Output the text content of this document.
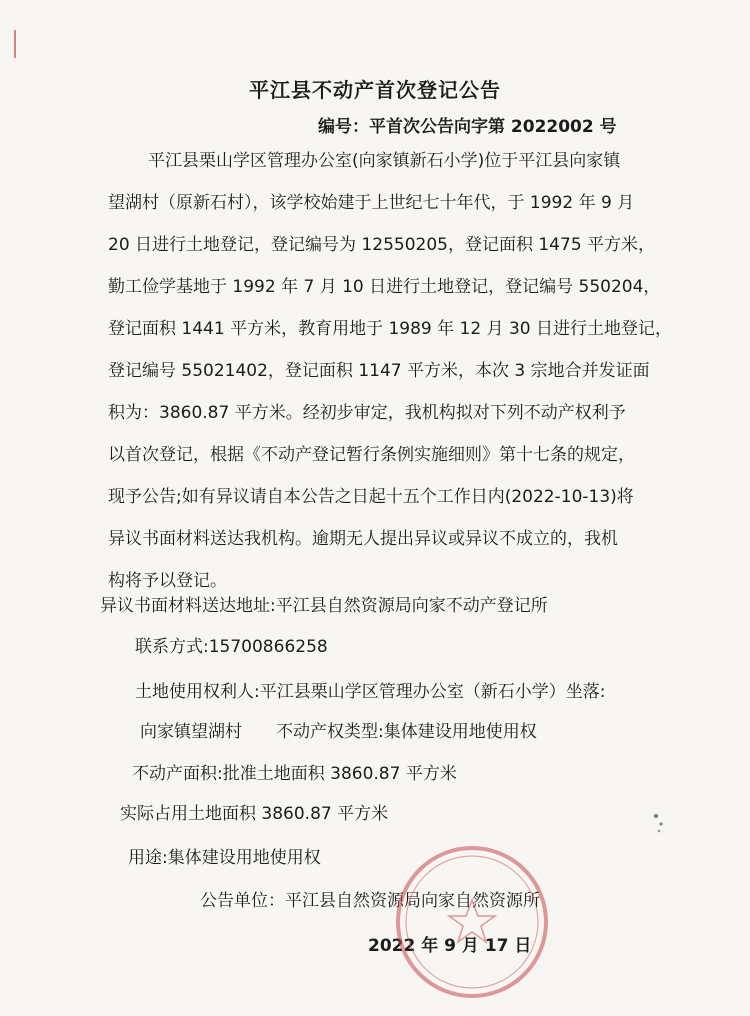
平江县不动产首次登记公告
编号：平首次公告向字第 2022002 号
平江县栗山学区管理办公室(向家镇新石小学)位于平江县向家镇
望湖村（原新石村），该学校始建于上世纪七十年代，于 1992 年 9 月
20 日进行土地登记，登记编号为 12550205，登记面积 1475 平方米，
勤工俭学基地于 1992 年 7 月 10 日进行土地登记，登记编号 550204，
登记面积 1441 平方米，教育用地于 1989 年 12 月 30 日进行土地登记，
登记编号 55021402，登记面积 1147 平方米，本次 3 宗地合并发证面
积为：3860.87 平方米。经初步审定，我机构拟对下列不动产权利予
以首次登记，根据《不动产登记暂行条例实施细则》第十七条的规定，
现予公告;如有异议请自本公告之日起十五个工作日内(2022-10-13)将
异议书面材料送达我机构。逾期无人提出异议或异议不成立的，我机
构将予以登记。
异议书面材料送达地址:平江县自然资源局向家不动产登记所
联系方式:15700866258
土地使用权利人:平江县栗山学区管理办公室（新石小学）坐落:
向家镇望湖村 不动产权类型:集体建设用地使用权
不动产面积:批准土地面积 3860.87 平方米
实际占用土地面积 3860.87 平方米
用途:集体建设用地使用权
公告单位：平江县自然资源局向家自然资源所
2022 年 9 月 17 日
